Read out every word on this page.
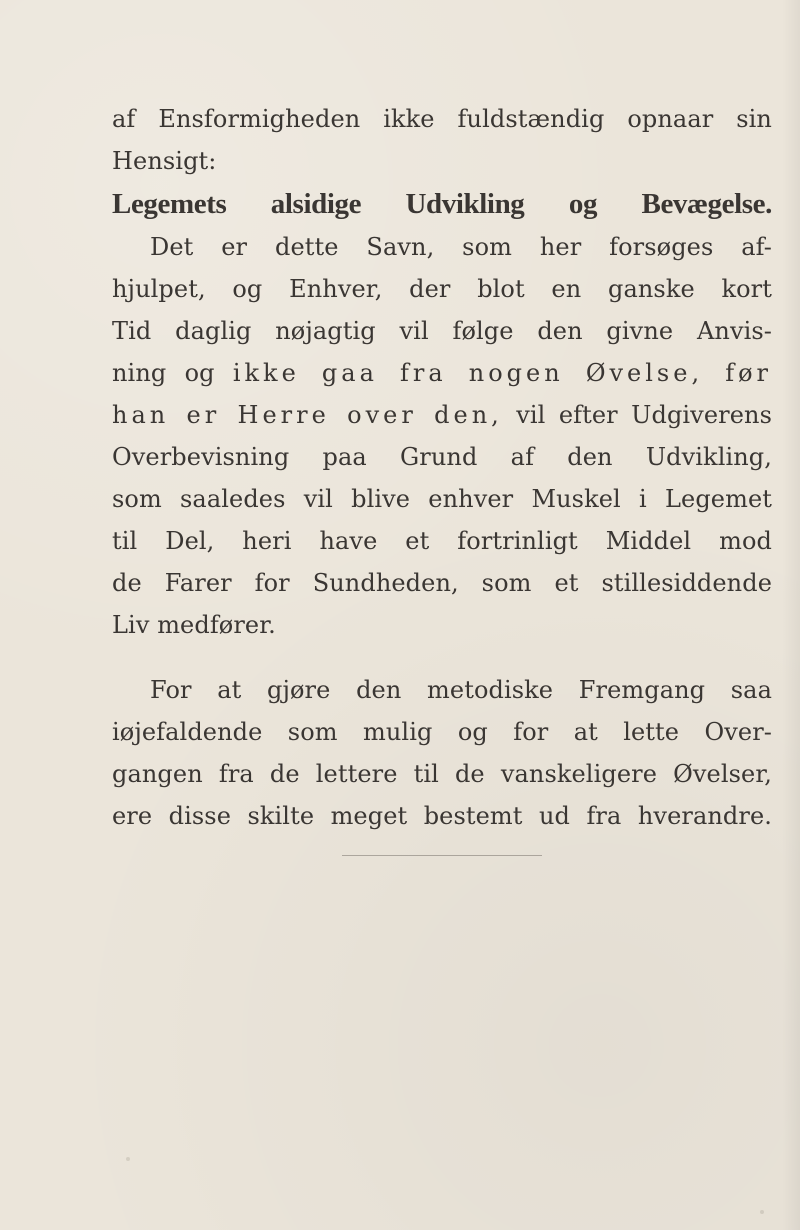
af Ensformigheden ikke fuldstændig opnaar sin
Hensigt:
Legemets alsidige Udvikling og Bevægelse.
Det er dette Savn, som her forsøges af-
hjulpet, og Enhver, der blot en ganske kort
Tid daglig nøjagtig vil følge den givne Anvis-
ning og ikke gaa fra nogen Øvelse, før
han er Herre over den, vil efter Udgiverens
Overbevisning paa Grund af den Udvikling,
som saaledes vil blive enhver Muskel i Legemet
til Del, heri have et fortrinligt Middel mod
de Farer for Sundheden, som et stillesiddende
Liv medfører.
For at gjøre den metodiske Fremgang saa
iøjefaldende som mulig og for at lette Over-
gangen fra de lettere til de vanskeligere Øvelser,
ere disse skilte meget bestemt ud fra hverandre.
